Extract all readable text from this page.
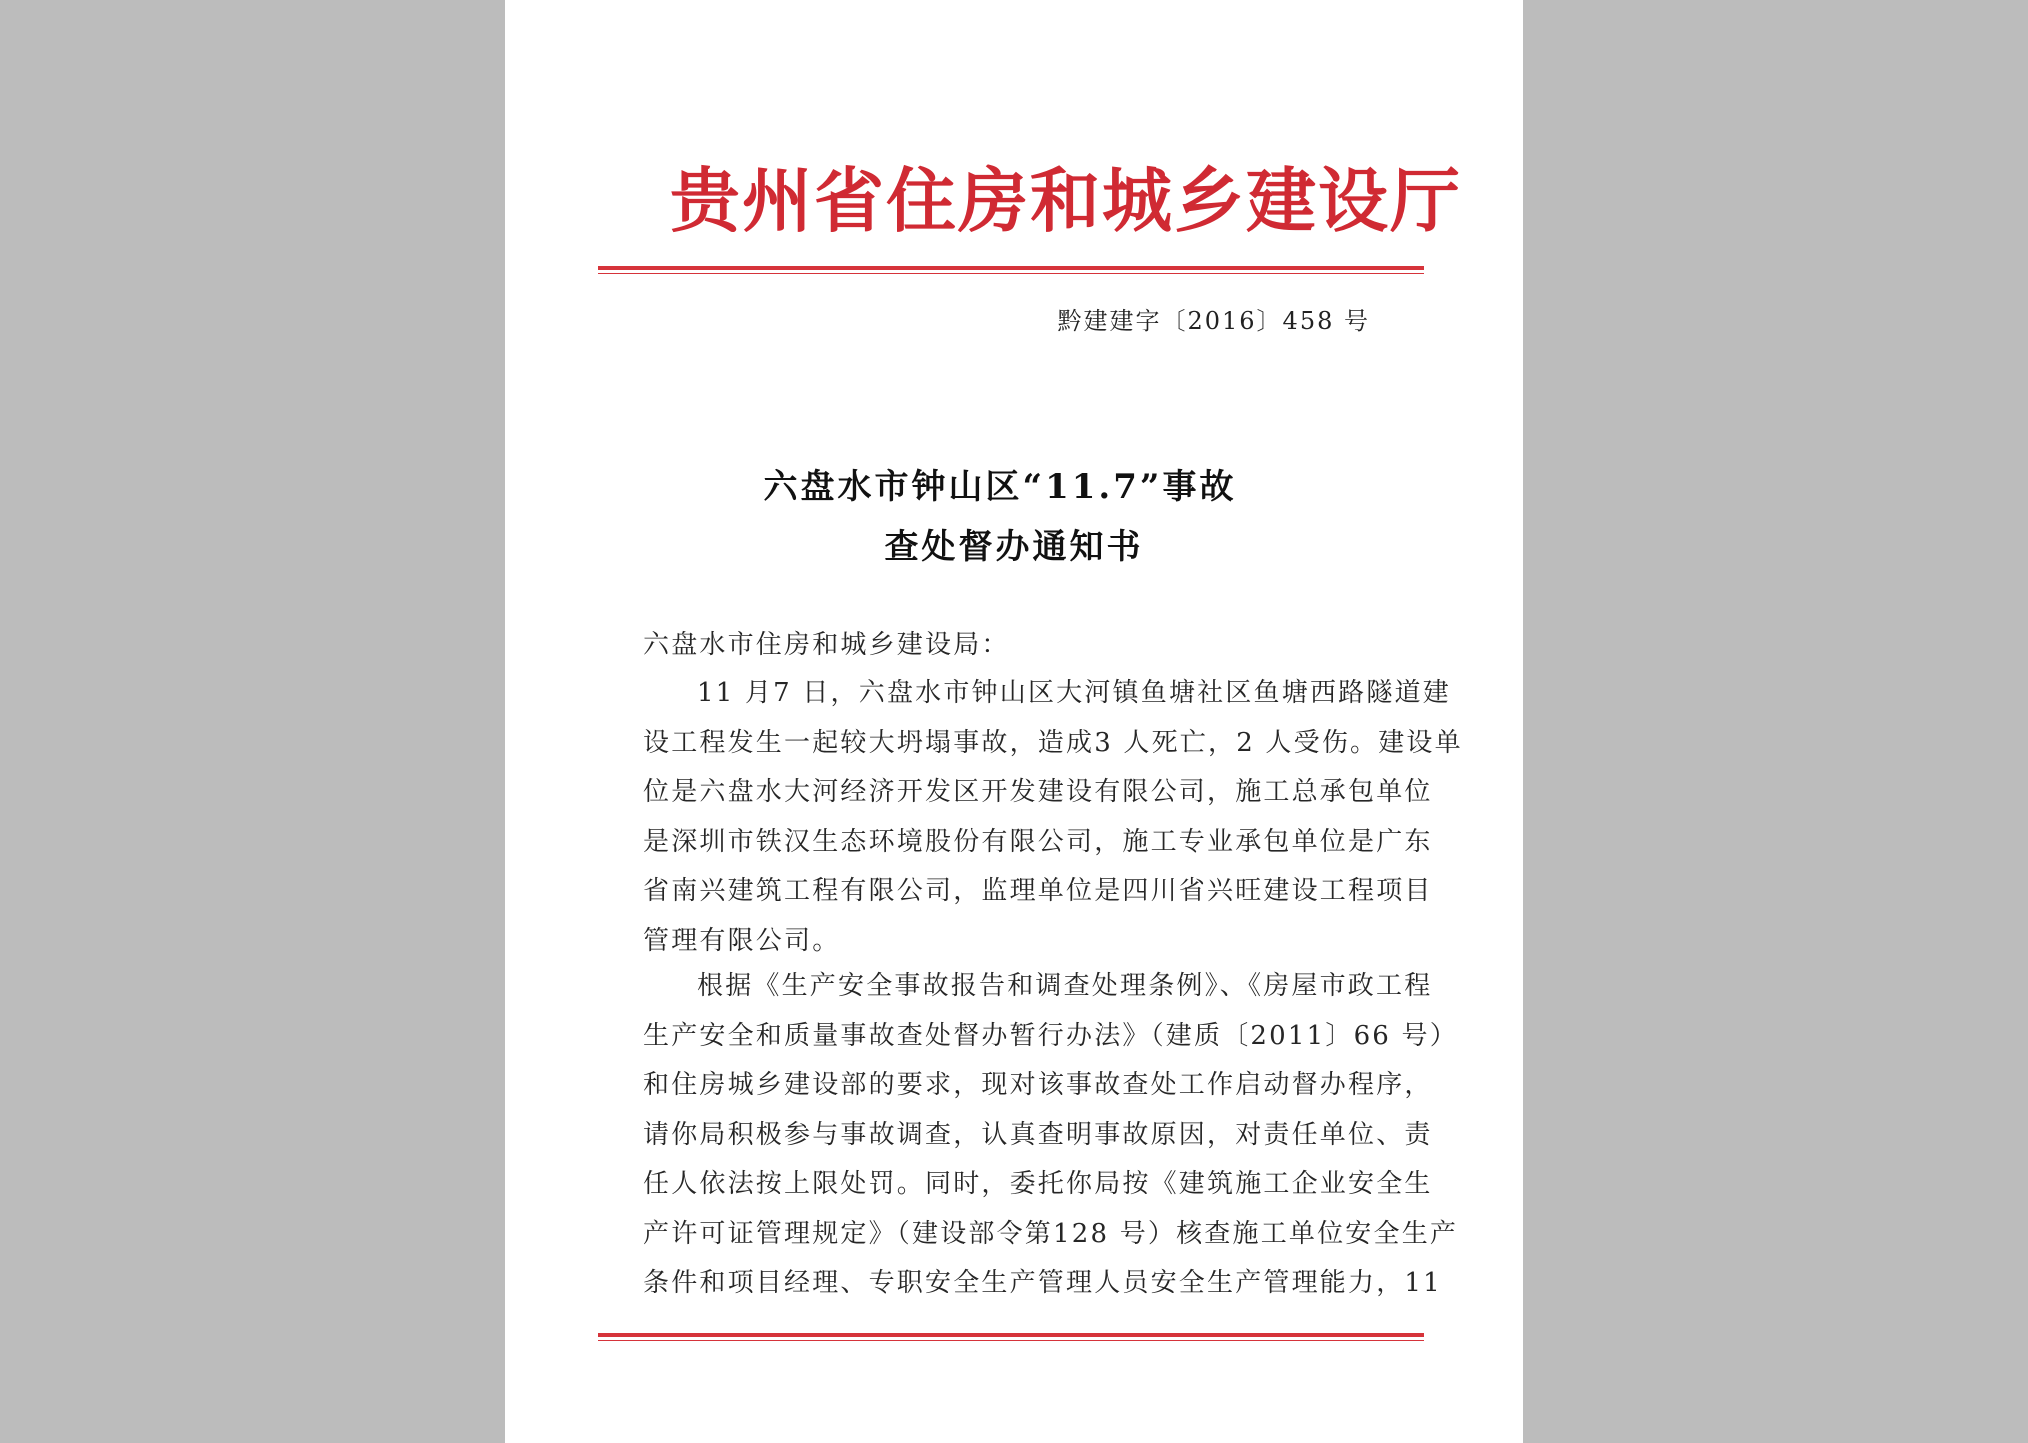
贵州省住房和城乡建设厅
黔建建字〔2016〕458 号
六盘水市钟山区“11.7”事故
查处督办通知书
六盘水市住房和城乡建设局：
11 月7 日，六盘水市钟山区大河镇鱼塘社区鱼塘西路隧道建
设工程发生一起较大坍塌事故，造成3 人死亡，2 人受伤。建设单
位是六盘水大河经济开发区开发建设有限公司，施工总承包单位
是深圳市铁汉生态环境股份有限公司，施工专业承包单位是广东
省南兴建筑工程有限公司，监理单位是四川省兴旺建设工程项目
管理有限公司。
根据《生产安全事故报告和调查处理条例》、《房屋市政工程
生产安全和质量事故查处督办暂行办法》（建质〔2011〕66 号）
和住房城乡建设部的要求，现对该事故查处工作启动督办程序，
请你局积极参与事故调查，认真查明事故原因，对责任单位、责
任人依法按上限处罚。同时，委托你局按《建筑施工企业安全生
产许可证管理规定》（建设部令第128 号）核查施工单位安全生产
条件和项目经理、专职安全生产管理人员安全生产管理能力，11
